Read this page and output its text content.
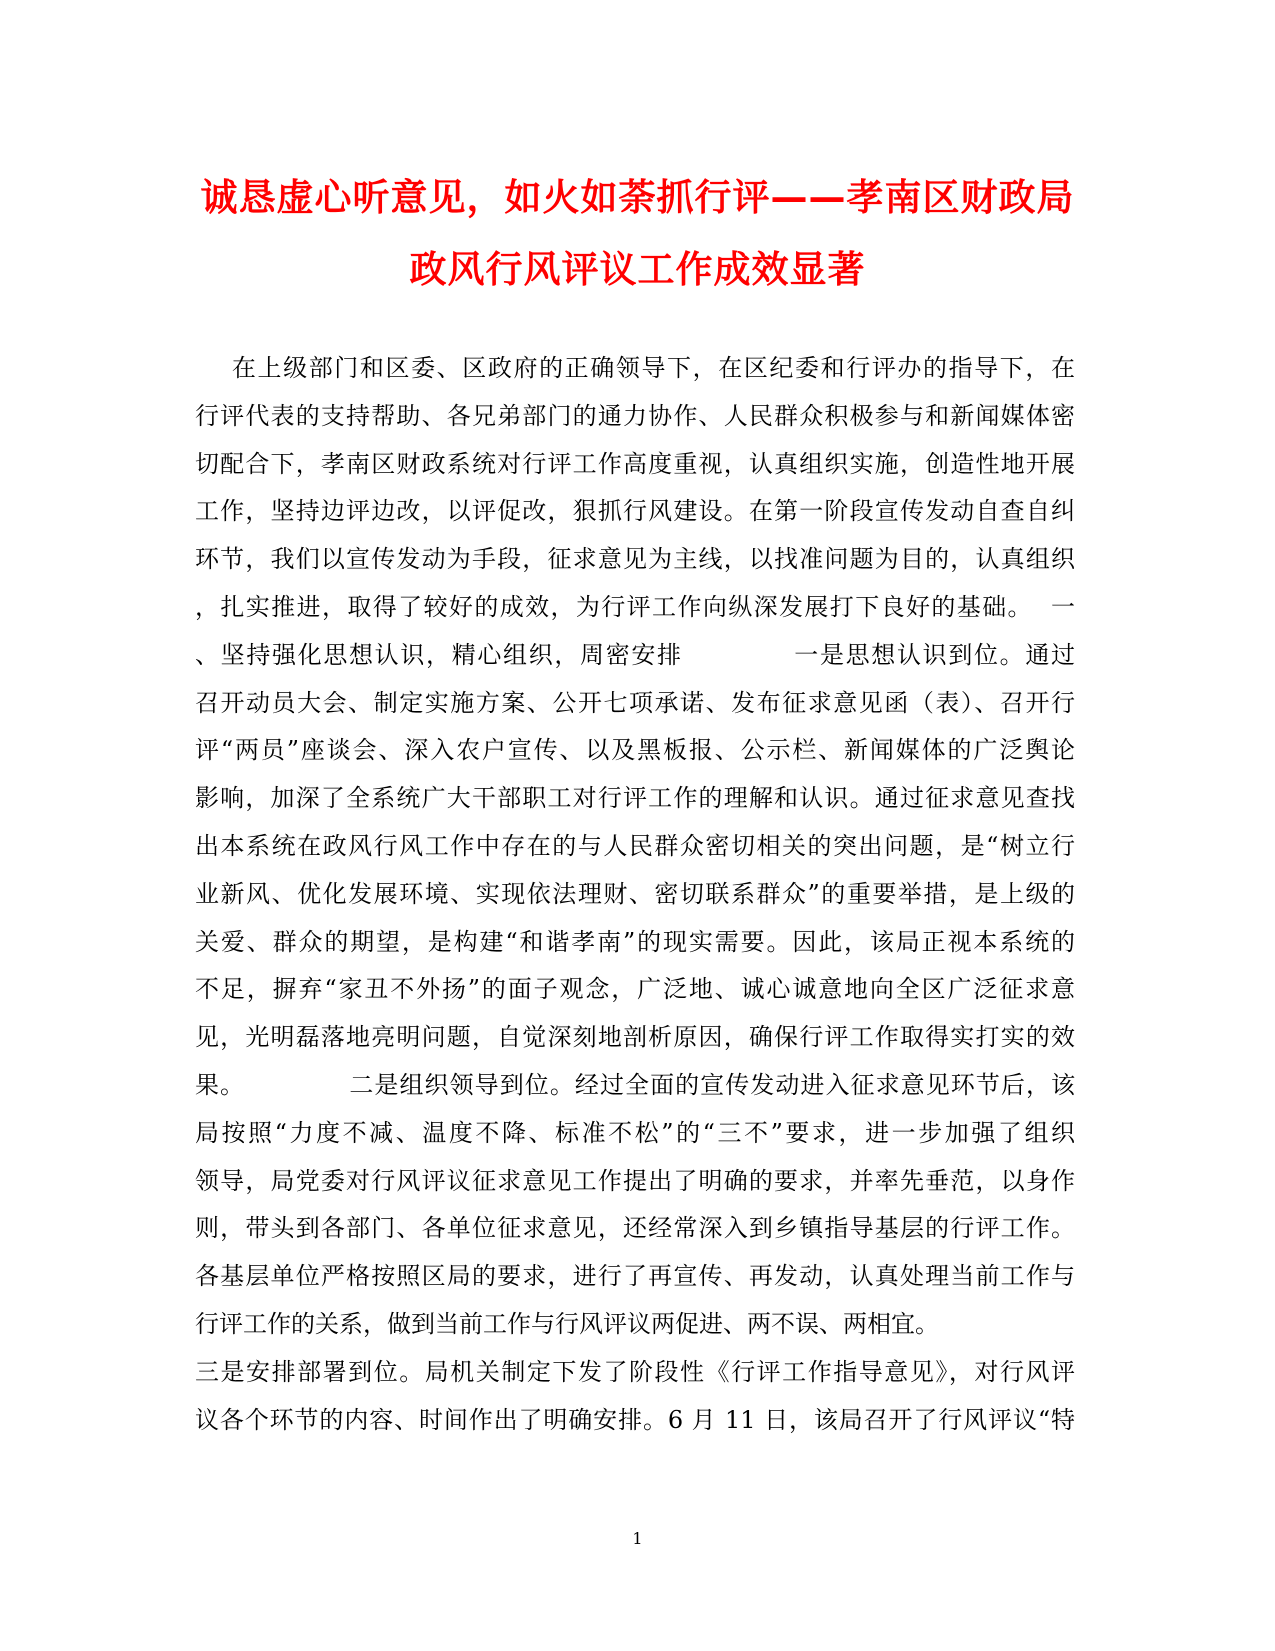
诚恳虚心听意见，如火如荼抓行评——孝南区财政局
政风行风评议工作成效显著
在上级部门和区委、区政府的正确领导下，在区纪委和行评办的指导下，在
行评代表的支持帮助、各兄弟部门的通力协作、人民群众积极参与和新闻媒体密
切配合下，孝南区财政系统对行评工作高度重视，认真组织实施，创造性地开展
工作，坚持边评边改，以评促改，狠抓行风建设。在第一阶段宣传发动自查自纠
环节，我们以宣传发动为手段，征求意见为主线，以找准问题为目的，认真组织
，扎实推进，取得了较好的成效，为行评工作向纵深发展打下良好的基础。  一
、坚持强化思想认识，精心组织，周密安排            一是思想认识到位。通过
召开动员大会、制定实施方案、公开七项承诺、发布征求意见函（表）、召开行
评“两员”座谈会、深入农户宣传、以及黑板报、公示栏、新闻媒体的广泛舆论
影响，加深了全系统广大干部职工对行评工作的理解和认识。通过征求意见查找
出本系统在政风行风工作中存在的与人民群众密切相关的突出问题，是“树立行
业新风、优化发展环境、实现依法理财、密切联系群众”的重要举措，是上级的
关爱、群众的期望，是构建“和谐孝南”的现实需要。因此，该局正视本系统的
不足，摒弃“家丑不外扬”的面子观念，广泛地、诚心诚意地向全区广泛征求意
见，光明磊落地亮明问题，自觉深刻地剖析原因，确保行评工作取得实打实的效
果。            二是组织领导到位。经过全面的宣传发动进入征求意见环节后，该
局按照“力度不减、温度不降、标准不松”的“三不”要求，进一步加强了组织
领导，局党委对行风评议征求意见工作提出了明确的要求，并率先垂范，以身作
则，带头到各部门、各单位征求意见，还经常深入到乡镇指导基层的行评工作。
各基层单位严格按照区局的要求，进行了再宣传、再发动，认真处理当前工作与
行评工作的关系，做到当前工作与行风评议两促进、两不误、两相宜。
三是安排部署到位。局机关制定下发了阶段性《行评工作指导意见》，对行风评
议各个环节的内容、时间作出了明确安排。6 月 11 日，该局召开了行风评议“特
1
